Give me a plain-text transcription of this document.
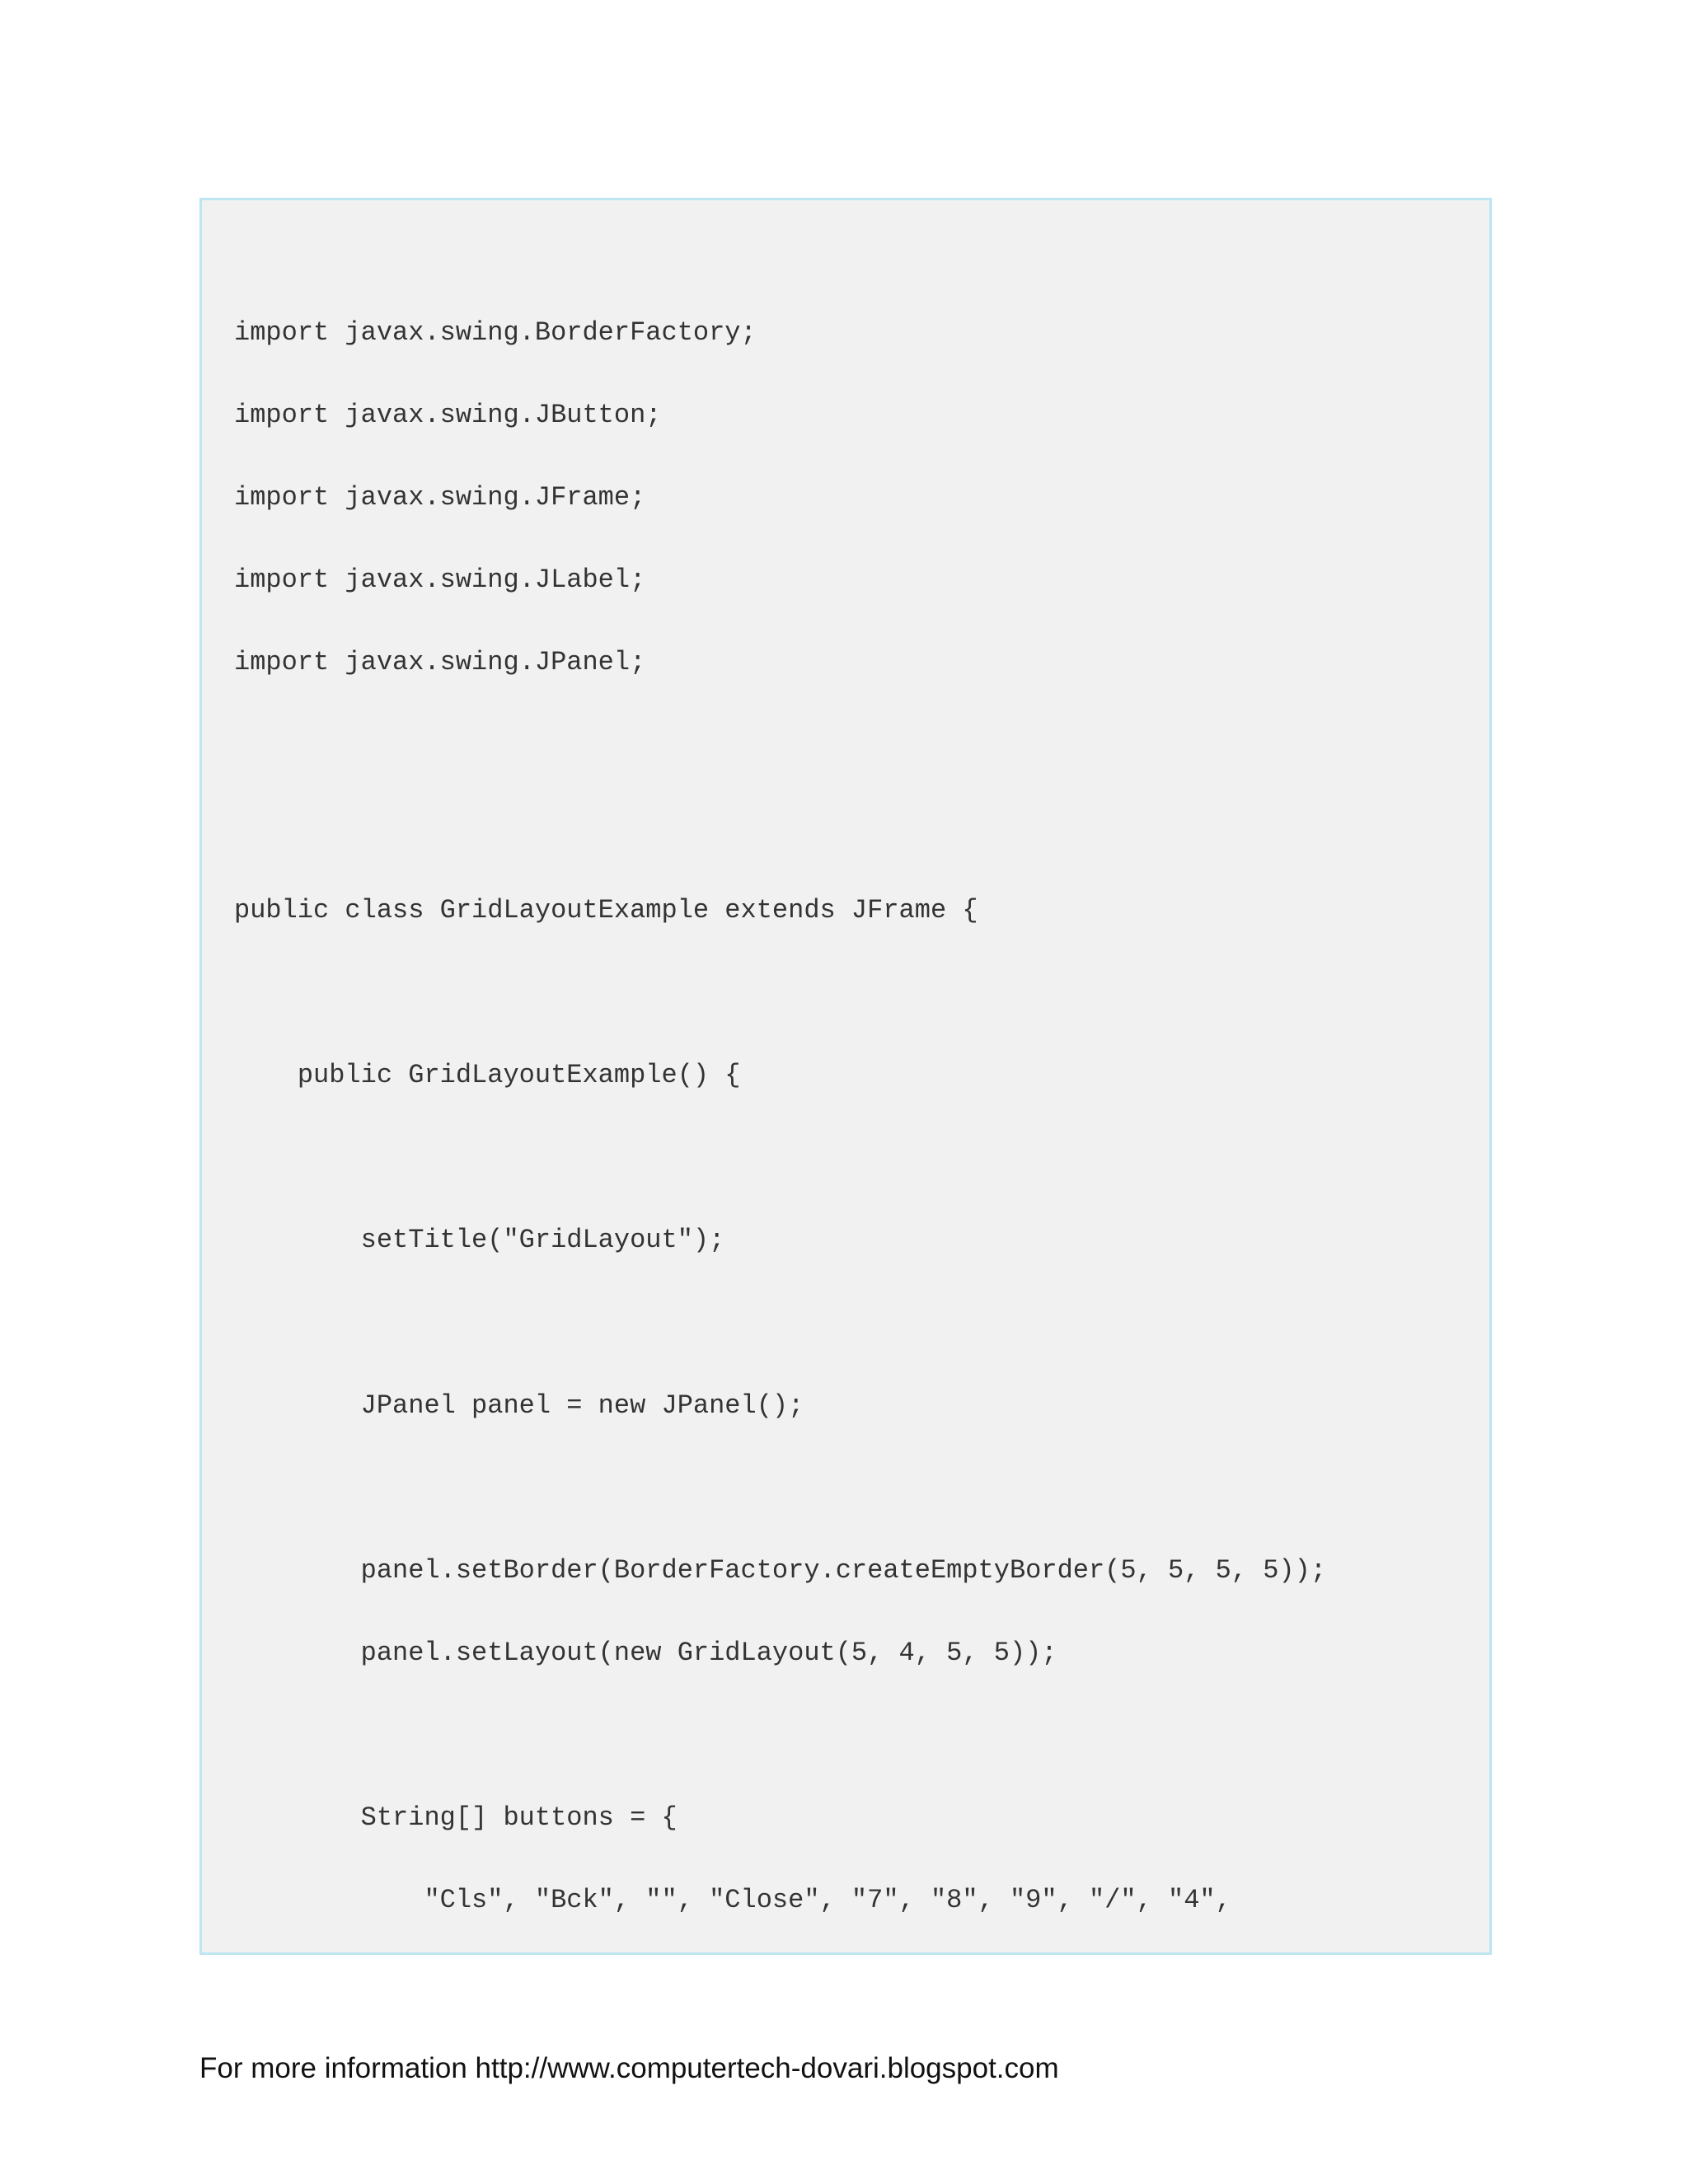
import javax.swing.BorderFactory;
import javax.swing.JButton;
import javax.swing.JFrame;
import javax.swing.JLabel;
import javax.swing.JPanel;
public class GridLayoutExample extends JFrame {
public GridLayoutExample() {
setTitle("GridLayout");
JPanel panel = new JPanel();
panel.setBorder(BorderFactory.createEmptyBorder(5, 5, 5, 5));
panel.setLayout(new GridLayout(5, 4, 5, 5));
String[] buttons = {
"Cls", "Bck", "", "Close", "7", "8", "9", "/", "4",

For more information http://www.computertech-dovari.blogspot.com
